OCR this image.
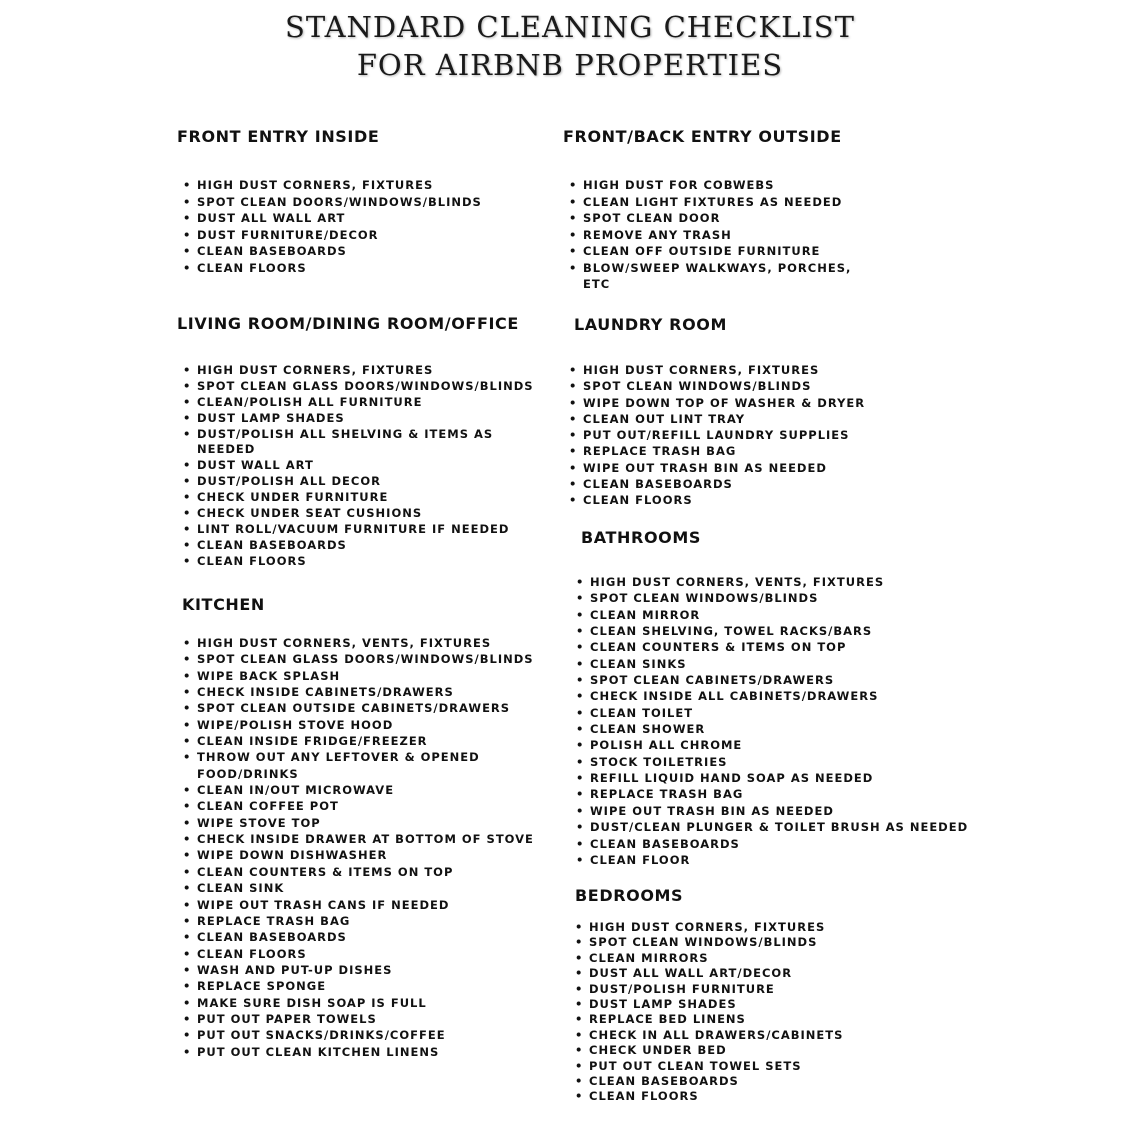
STANDARD CLEANING CHECKLIST
FOR AIRBNB PROPERTIES
FRONT ENTRY INSIDE
• HIGH DUST CORNERS, FIXTURES
• SPOT CLEAN DOORS/WINDOWS/BLINDS
• DUST ALL WALL ART
• DUST FURNITURE/DECOR
• CLEAN BASEBOARDS
• CLEAN FLOORS
FRONT/BACK ENTRY OUTSIDE
• HIGH DUST FOR COBWEBS
• CLEAN LIGHT FIXTURES AS NEEDED
• SPOT CLEAN DOOR
• REMOVE ANY TRASH
• CLEAN OFF OUTSIDE FURNITURE
• BLOW/SWEEP WALKWAYS, PORCHES,
ETC
LIVING ROOM/DINING ROOM/OFFICE
• HIGH DUST CORNERS, FIXTURES
• SPOT CLEAN GLASS DOORS/WINDOWS/BLINDS
• CLEAN/POLISH ALL FURNITURE
• DUST LAMP SHADES
• DUST/POLISH ALL SHELVING & ITEMS AS
NEEDED
• DUST WALL ART
• DUST/POLISH ALL DECOR
• CHECK UNDER FURNITURE
• CHECK UNDER SEAT CUSHIONS
• LINT ROLL/VACUUM FURNITURE IF NEEDED
• CLEAN BASEBOARDS
• CLEAN FLOORS
LAUNDRY ROOM
• HIGH DUST CORNERS, FIXTURES
• SPOT CLEAN WINDOWS/BLINDS
• WIPE DOWN TOP OF WASHER & DRYER
• CLEAN OUT LINT TRAY
• PUT OUT/REFILL LAUNDRY SUPPLIES
• REPLACE TRASH BAG
• WIPE OUT TRASH BIN AS NEEDED
• CLEAN BASEBOARDS
• CLEAN FLOORS
KITCHEN
• HIGH DUST CORNERS, VENTS, FIXTURES
• SPOT CLEAN GLASS DOORS/WINDOWS/BLINDS
• WIPE BACK SPLASH
• CHECK INSIDE CABINETS/DRAWERS
• SPOT CLEAN OUTSIDE CABINETS/DRAWERS
• WIPE/POLISH STOVE HOOD
• CLEAN INSIDE FRIDGE/FREEZER
• THROW OUT ANY LEFTOVER & OPENED
FOOD/DRINKS
• CLEAN IN/OUT MICROWAVE
• CLEAN COFFEE POT
• WIPE STOVE TOP
• CHECK INSIDE DRAWER AT BOTTOM OF STOVE
• WIPE DOWN DISHWASHER
• CLEAN COUNTERS & ITEMS ON TOP
• CLEAN SINK
• WIPE OUT TRASH CANS IF NEEDED
• REPLACE TRASH BAG
• CLEAN BASEBOARDS
• CLEAN FLOORS
• WASH AND PUT-UP DISHES
• REPLACE SPONGE
• MAKE SURE DISH SOAP IS FULL
• PUT OUT PAPER TOWELS
• PUT OUT SNACKS/DRINKS/COFFEE
• PUT OUT CLEAN KITCHEN LINENS
BATHROOMS
• HIGH DUST CORNERS, VENTS, FIXTURES
• SPOT CLEAN WINDOWS/BLINDS
• CLEAN MIRROR
• CLEAN SHELVING, TOWEL RACKS/BARS
• CLEAN COUNTERS & ITEMS ON TOP
• CLEAN SINKS
• SPOT CLEAN CABINETS/DRAWERS
• CHECK INSIDE ALL CABINETS/DRAWERS
• CLEAN TOILET
• CLEAN SHOWER
• POLISH ALL CHROME
• STOCK TOILETRIES
• REFILL LIQUID HAND SOAP AS NEEDED
• REPLACE TRASH BAG
• WIPE OUT TRASH BIN AS NEEDED
• DUST/CLEAN PLUNGER & TOILET BRUSH AS NEEDED
• CLEAN BASEBOARDS
• CLEAN FLOOR
BEDROOMS
• HIGH DUST CORNERS, FIXTURES
• SPOT CLEAN WINDOWS/BLINDS
• CLEAN MIRRORS
• DUST ALL WALL ART/DECOR
• DUST/POLISH FURNITURE
• DUST LAMP SHADES
• REPLACE BED LINENS
• CHECK IN ALL DRAWERS/CABINETS
• CHECK UNDER BED
• PUT OUT CLEAN TOWEL SETS
• CLEAN BASEBOARDS
• CLEAN FLOORS
